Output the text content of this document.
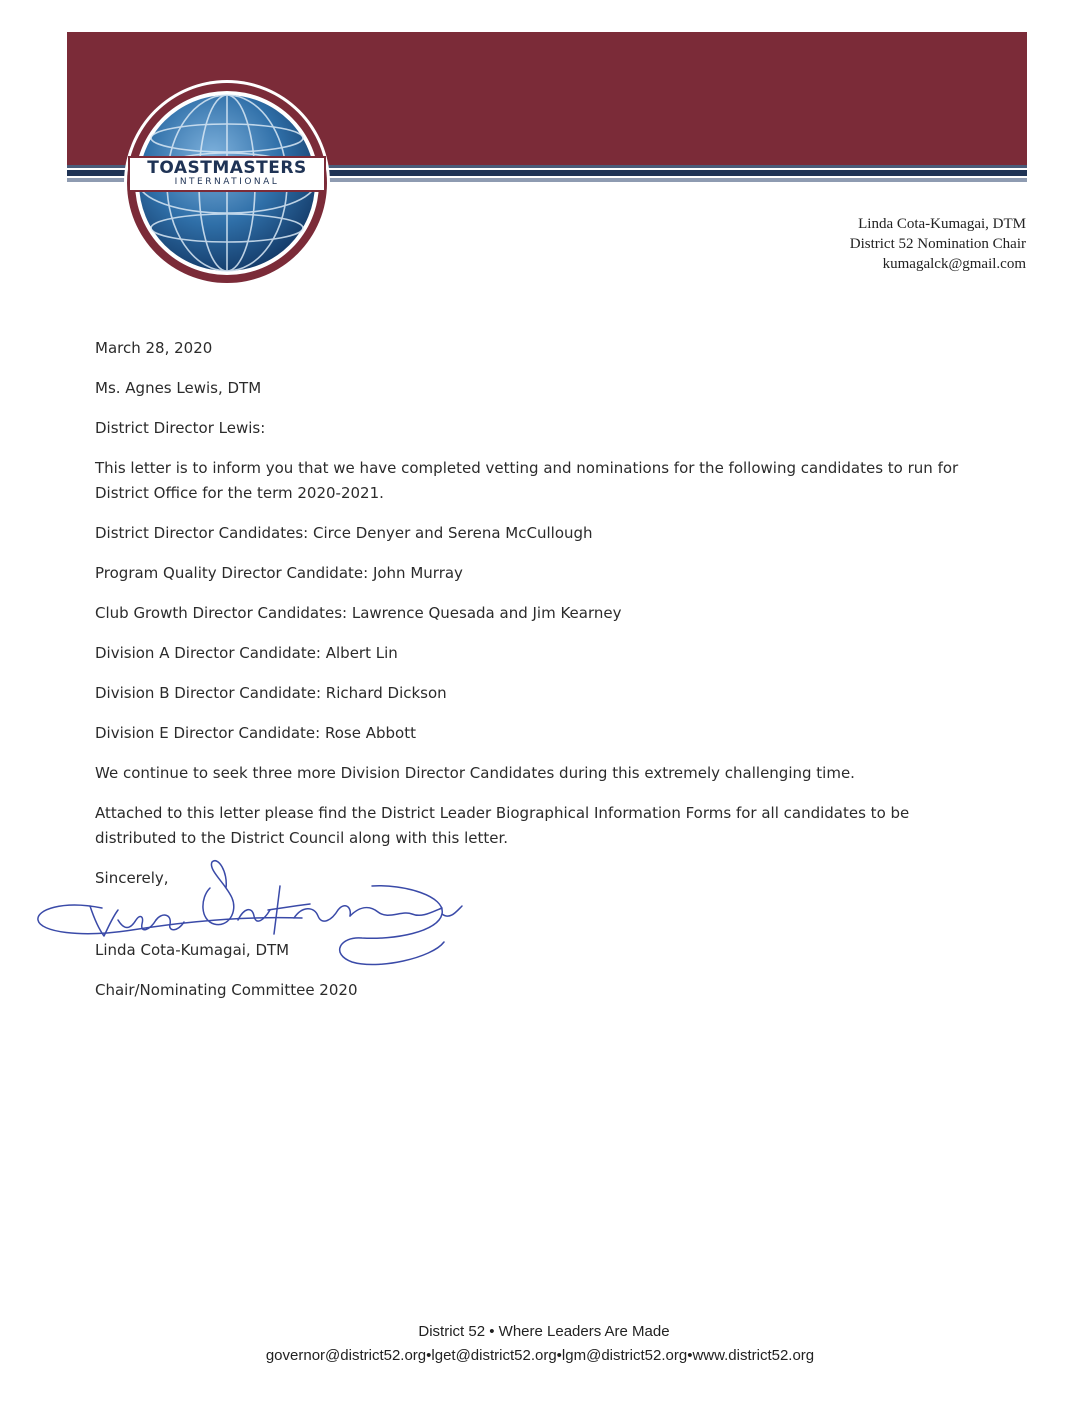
TOASTMASTERS
INTERNATIONAL
Linda Cota-Kumagai, DTM
District 52 Nomination Chair
kumagalck@gmail.com

March 28, 2020

Ms. Agnes Lewis, DTM

District Director Lewis:

This letter is to inform you that we have completed vetting and nominations for the following candidates to run for District Office for the term 2020-2021.

District Director Candidates: Circe Denyer and Serena McCullough

Program Quality Director Candidate: John Murray

Club Growth Director Candidates: Lawrence Quesada and Jim Kearney

Division A Director Candidate: Albert Lin

Division B Director Candidate: Richard Dickson

Division E Director Candidate: Rose Abbott

We continue to seek three more Division Director Candidates during this extremely challenging time.

Attached to this letter please find the District Leader Biographical Information Forms for all candidates to be

distributed to the District Council along with this letter.

Sincerely,

Linda Cota-Kumagai, DTM

Chair/Nominating Committee 2020

District 52 • Where Leaders Are Made
governor@district52.org•lget@district52.org•lgm@district52.org•www.district52.org
